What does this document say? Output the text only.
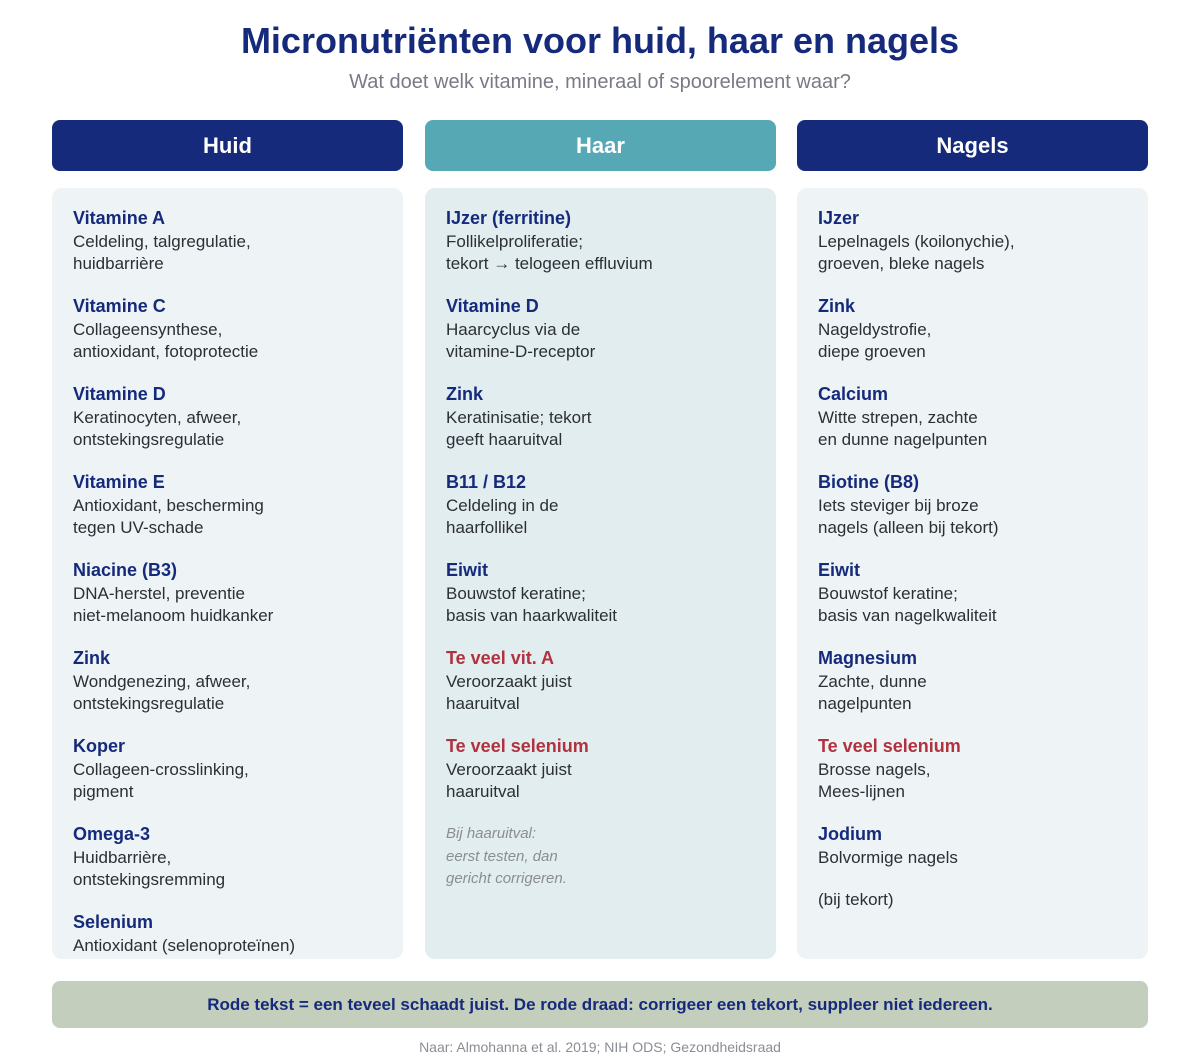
Micronutriënten voor huid, haar en nagels
Wat doet welk vitamine, mineraal of spoorelement waar?
Huid	Haar	Nagels
Vitamine A
Celdeling, talgregulatie,
huidbarrière
Vitamine C
Collageensynthese,
antioxidant, fotoprotectie
Vitamine D
Keratinocyten, afweer,
ontstekingsregulatie
Vitamine E
Antioxidant, bescherming
tegen UV-schade
Niacine (B3)
DNA-herstel, preventie
niet-melanoom huidkanker
Zink
Wondgenezing, afweer,
ontstekingsregulatie
Koper
Collageen-crosslinking,
pigment
Omega-3
Huidbarrière,
ontstekingsremming
Selenium
Antioxidant (selenoproteïnen)
IJzer (ferritine)
Follikelproliferatie;
tekort → telogeen effluvium
Vitamine D
Haarcyclus via de
vitamine-D-receptor
Zink
Keratinisatie; tekort
geeft haaruitval
B11 / B12
Celdeling in de
haarfollikel
Eiwit
Bouwstof keratine;
basis van haarkwaliteit
Te veel vit. A
Veroorzaakt juist
haaruitval
Te veel selenium
Veroorzaakt juist
haaruitval
Bij haaruitval:
eerst testen, dan
gericht corrigeren.
IJzer
Lepelnagels (koilonychie),
groeven, bleke nagels
Zink
Nageldystrofie,
diepe groeven
Calcium
Witte strepen, zachte
en dunne nagelpunten
Biotine (B8)
Iets steviger bij broze
nagels (alleen bij tekort)
Eiwit
Bouwstof keratine;
basis van nagelkwaliteit
Magnesium
Zachte, dunne
nagelpunten
Te veel selenium
Brosse nagels,
Mees-lijnen
Jodium
Bolvormige nagels
(bij tekort)
Rode tekst = een teveel schaadt juist. De rode draad: corrigeer een tekort, suppleer niet iedereen.
Naar: Almohanna et al. 2019; NIH ODS; Gezondheidsraad
